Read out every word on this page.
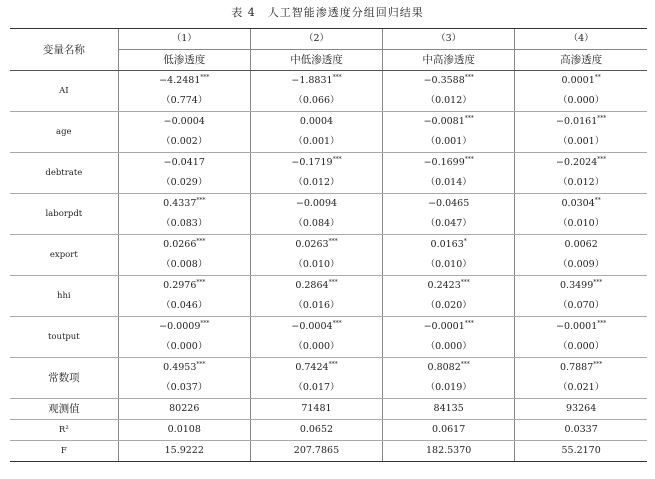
表 4　人工智能渗透度分组回归结果
变量名称	（1）	（2）	（3）	（4）
	低渗透度	中低渗透度	中高渗透度	高渗透度
AI	−4.2481***	−1.8831***	−0.3588***	0.0001**
	（0.774）	（0.066）	（0.012）	（0.000）
age	−0.0004	0.0004	−0.0081***	−0.0161***
	（0.002）	（0.001）	（0.001）	（0.001）
debtrate	−0.0417	−0.1719***	−0.1699***	−0.2024***
	（0.029）	（0.012）	（0.014）	（0.012）
laborpdt	0.4337***	−0.0094	−0.0465	0.0304**
	（0.083）	（0.084）	（0.047）	（0.010）
export	0.0266***	0.0263***	0.0163*	0.0062
	（0.008）	（0.010）	（0.010）	（0.009）
hhi	0.2976***	0.2864***	0.2423***	0.3499***
	（0.046）	（0.016）	（0.020）	（0.070）
toutput	−0.0009***	−0.0004***	−0.0001***	−0.0001***
	（0.000）	（0.000）	（0.000）	（0.000）
常数项	0.4953***	0.7424***	0.8082***	0.7887***
	（0.037）	（0.017）	（0.019）	（0.021）
观测值	80226	71481	84135	93264
R²	0.0108	0.0652	0.0617	0.0337
F	15.9222	207.7865	182.5370	55.2170
